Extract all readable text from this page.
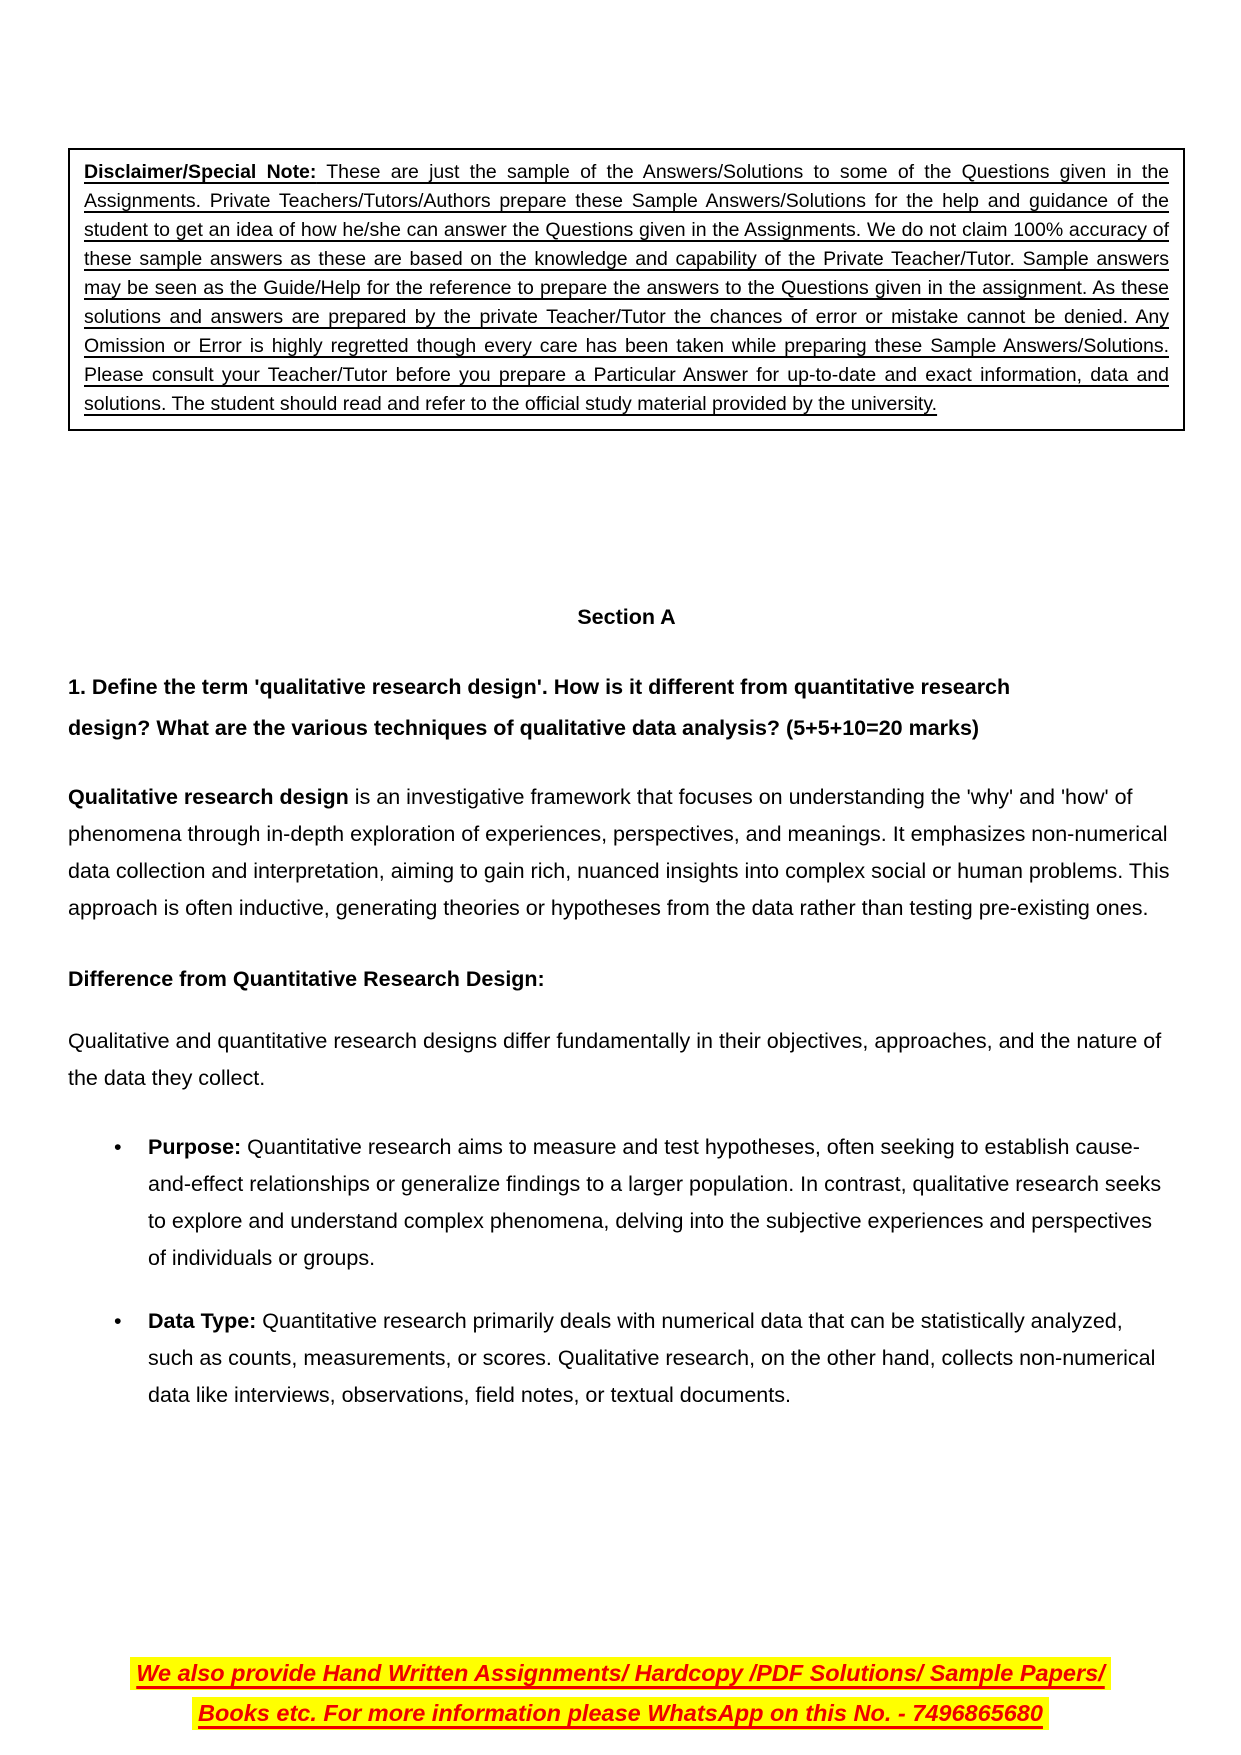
Disclaimer/Special Note: These are just the sample of the Answers/Solutions to some of the Questions given in the Assignments. Private Teachers/Tutors/Authors prepare these Sample Answers/Solutions for the help and guidance of the student to get an idea of how he/she can answer the Questions given in the Assignments. We do not claim 100% accuracy of these sample answers as these are based on the knowledge and capability of the Private Teacher/Tutor. Sample answers may be seen as the Guide/Help for the reference to prepare the answers to the Questions given in the assignment. As these solutions and answers are prepared by the private Teacher/Tutor the chances of error or mistake cannot be denied. Any Omission or Error is highly regretted though every care has been taken while preparing these Sample Answers/Solutions. Please consult your Teacher/Tutor before you prepare a Particular Answer for up-to-date and exact information, data and solutions. The student should read and refer to the official study material provided by the university.

Section A
1. Define the term 'qualitative research design'. How is it different from quantitative research design? What are the various techniques of qualitative data analysis? (5+5+10=20 marks)

Qualitative research design is an investigative framework that focuses on understanding the 'why' and 'how' of phenomena through in-depth exploration of experiences, perspectives, and meanings. It emphasizes non-numerical data collection and interpretation, aiming to gain rich, nuanced insights into complex social or human problems. This approach is often inductive, generating theories or hypotheses from the data rather than testing pre-existing ones.

Difference from Quantitative Research Design:

Qualitative and quantitative research designs differ fundamentally in their objectives, approaches, and the nature of the data they collect.

• Purpose: Quantitative research aims to measure and test hypotheses, often seeking to establish cause-and-effect relationships or generalize findings to a larger population. In contrast, qualitative research seeks to explore and understand complex phenomena, delving into the subjective experiences and perspectives of individuals or groups.
• Data Type: Quantitative research primarily deals with numerical data that can be statistically analyzed, such as counts, measurements, or scores. Qualitative research, on the other hand, collects non-numerical data like interviews, observations, field notes, or textual documents.

We also provide Hand Written Assignments/ Hardcopy /PDF Solutions/ Sample Papers/

Books etc. For more information please WhatsApp on this No. - 7496865680
